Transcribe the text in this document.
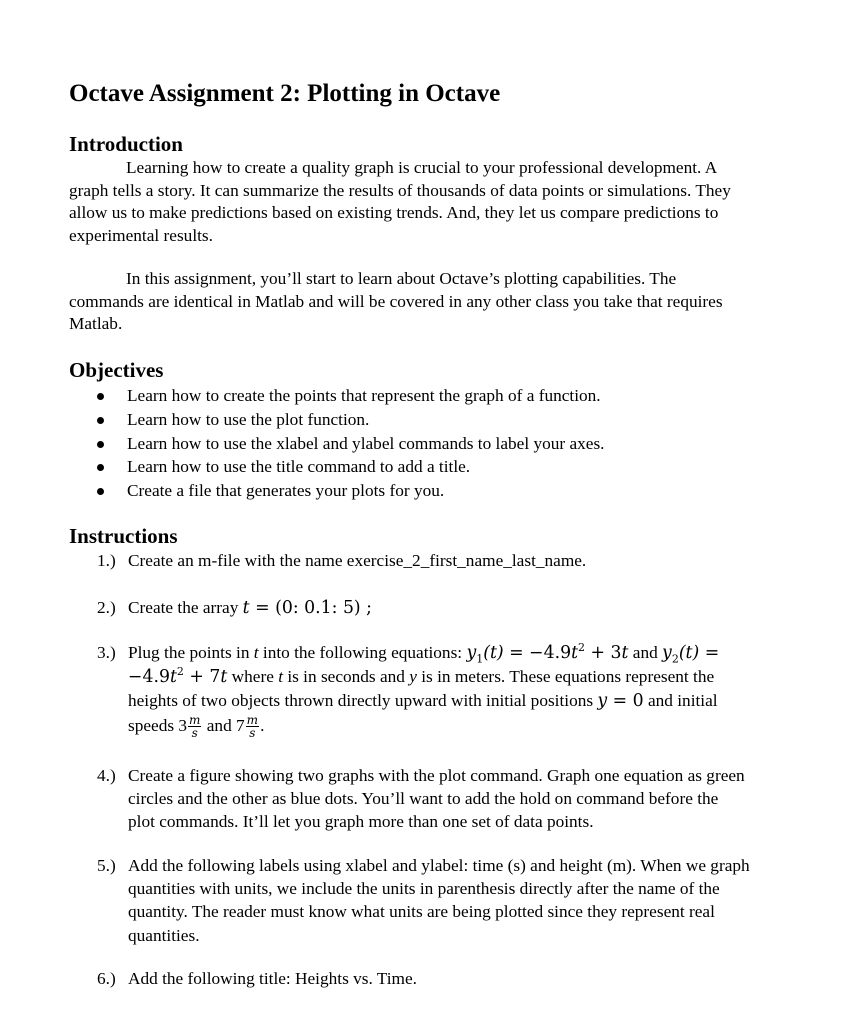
Octave Assignment 2: Plotting in Octave
Introduction
Learning how to create a quality graph is crucial to your professional development. A
graph tells a story. It can summarize the results of thousands of data points or simulations. They
allow us to make predictions based on existing trends. And, they let us compare predictions to
experimental results.
In this assignment, you’ll start to learn about Octave’s plotting capabilities. The
commands are identical in Matlab and will be covered in any other class you take that requires
Matlab.
Objectives
Learn how to create the points that represent the graph of a function.
Learn how to use the plot function.
Learn how to use the xlabel and ylabel commands to label your axes.
Learn how to use the title command to add a title.
Create a file that generates your plots for you.
Instructions
1.) Create an m-file with the name exercise_2_first_name_last_name.
2.) Create the array t = (0: 0.1: 5) ;
3.) Plug the points in t into the following equations: $y_1(t) = -4.9t^2 + 3t$ and $y_2(t)$ =
$-4.9t^2 + 7t$ where t is in seconds and y is in meters. These equations represent the
heights of two objects thrown directly upward with initial positions y = 0 and initial
speeds $3 \frac{m}{s}$ and $7 \frac{m}{s}$ .
4.) Create a figure showing two graphs with the plot command. Graph one equation as green
circles and the other as blue dots. You’ll want to add the hold on command before the
plot commands. It’ll let you graph more than one set of data points.
5.) Add the following labels using xlabel and ylabel: time (s) and height (m). When we graph
quantities with units, we include the units in parenthesis directly after the name of the
quantity. The reader must know what units are being plotted since they represent real
quantities.
6.) Add the following title: Heights vs. Time.
